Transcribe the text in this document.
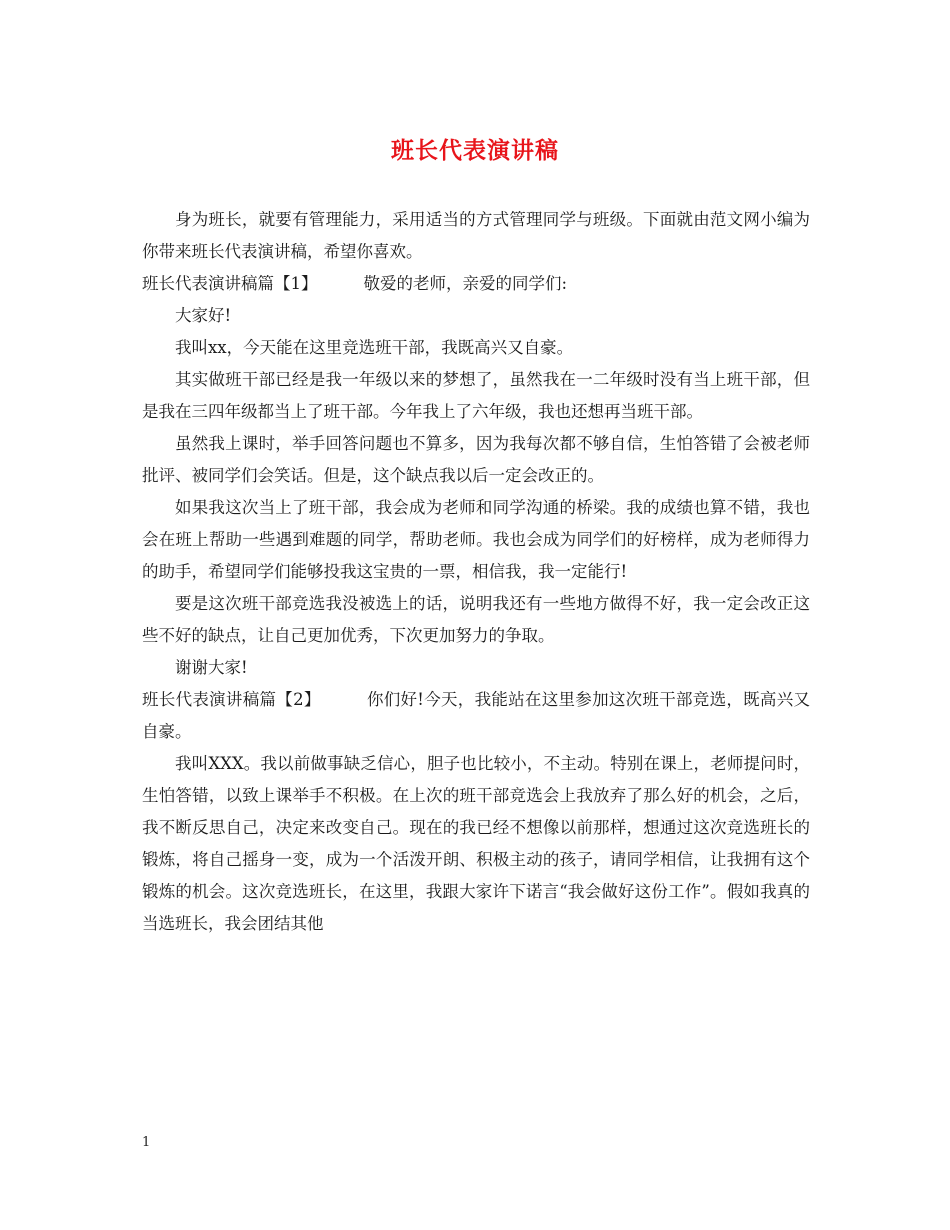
班长代表演讲稿

身为班长，就要有管理能力，采用适当的方式管理同学与班级。下面就由范文网小编为你带来班长代表演讲稿，希望你喜欢。

班长代表演讲稿篇【1】	敬爱的老师，亲爱的同学们:

大家好!

我叫xx，今天能在这里竞选班干部，我既高兴又自豪。

其实做班干部已经是我一年级以来的梦想了，虽然我在一二年级时没有当上班干部，但是我在三四年级都当上了班干部。今年我上了六年级，我也还想再当班干部。

虽然我上课时，举手回答问题也不算多，因为我每次都不够自信，生怕答错了会被老师批评、被同学们会笑话。但是，这个缺点我以后一定会改正的。

如果我这次当上了班干部，我会成为老师和同学沟通的桥梁。我的成绩也算不错，我也会在班上帮助一些遇到难题的同学，帮助老师。我也会成为同学们的好榜样，成为老师得力的助手，希望同学们能够投我这宝贵的一票，相信我，我一定能行!

要是这次班干部竞选我没被选上的话，说明我还有一些地方做得不好，我一定会改正这些不好的缺点，让自己更加优秀，下次更加努力的争取。

谢谢大家!

班长代表演讲稿篇【2】	你们好!今天，我能站在这里参加这次班干部竞选，既高兴又自豪。

我叫XXX。我以前做事缺乏信心，胆子也比较小，不主动。特别在课上，老师提问时，生怕答错，以致上课举手不积极。在上次的班干部竞选会上我放弃了那么好的机会，之后，我不断反思自己，决定来改变自己。现在的我已经不想像以前那样，想通过这次竞选班长的锻炼，将自己摇身一变，成为一个活泼开朗、积极主动的孩子，请同学相信，让我拥有这个锻炼的机会。这次竞选班长，在这里，我跟大家许下诺言“我会做好这份工作”。假如我真的当选班长，我会团结其他

1
